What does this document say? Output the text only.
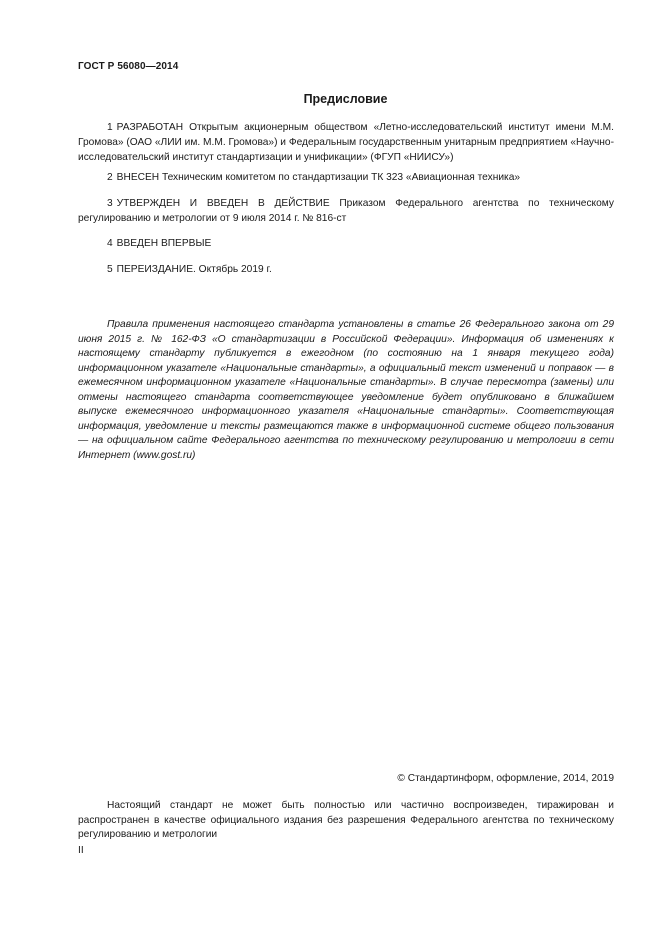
ГОСТ Р 56080—2014
Предисловие
1 РАЗРАБОТАН Открытым акционерным обществом «Летно-исследовательский институт имени М.М. Громова» (ОАО «ЛИИ им. М.М. Громова») и Федеральным государственным унитарным предприятием «Научно-исследовательский институт стандартизации и унификации» (ФГУП «НИИСУ»)
2 ВНЕСЕН Техническим комитетом по стандартизации ТК 323 «Авиационная техника»
3 УТВЕРЖДЕН И ВВЕДЕН В ДЕЙСТВИЕ Приказом Федерального агентства по техническому регулированию и метрологии от 9 июля 2014 г. № 816-ст
4 ВВЕДЕН ВПЕРВЫЕ
5 ПЕРЕИЗДАНИЕ. Октябрь 2019 г.
Правила применения настоящего стандарта установлены в статье 26 Федерального закона от 29 июня 2015 г. № 162-ФЗ «О стандартизации в Российской Федерации». Информация об изменениях к настоящему стандарту публикуется в ежегодном (по состоянию на 1 января текущего года) информационном указателе «Национальные стандарты», а официальный текст изменений и поправок — в ежемесячном информационном указателе «Национальные стандарты». В случае пересмотра (замены) или отмены настоящего стандарта соответствующее уведомление будет опубликовано в ближайшем выпуске ежемесячного информационного указателя «Национальные стандарты». Соответствующая информация, уведомление и тексты размещаются также в информационной системе общего пользования — на официальном сайте Федерального агентства по техническому регулированию и метрологии в сети Интернет (www.gost.ru)
© Стандартинформ, оформление, 2014, 2019
Настоящий стандарт не может быть полностью или частично воспроизведен, тиражирован и распространен в качестве официального издания без разрешения Федерального агентства по техническому регулированию и метрологии
II
